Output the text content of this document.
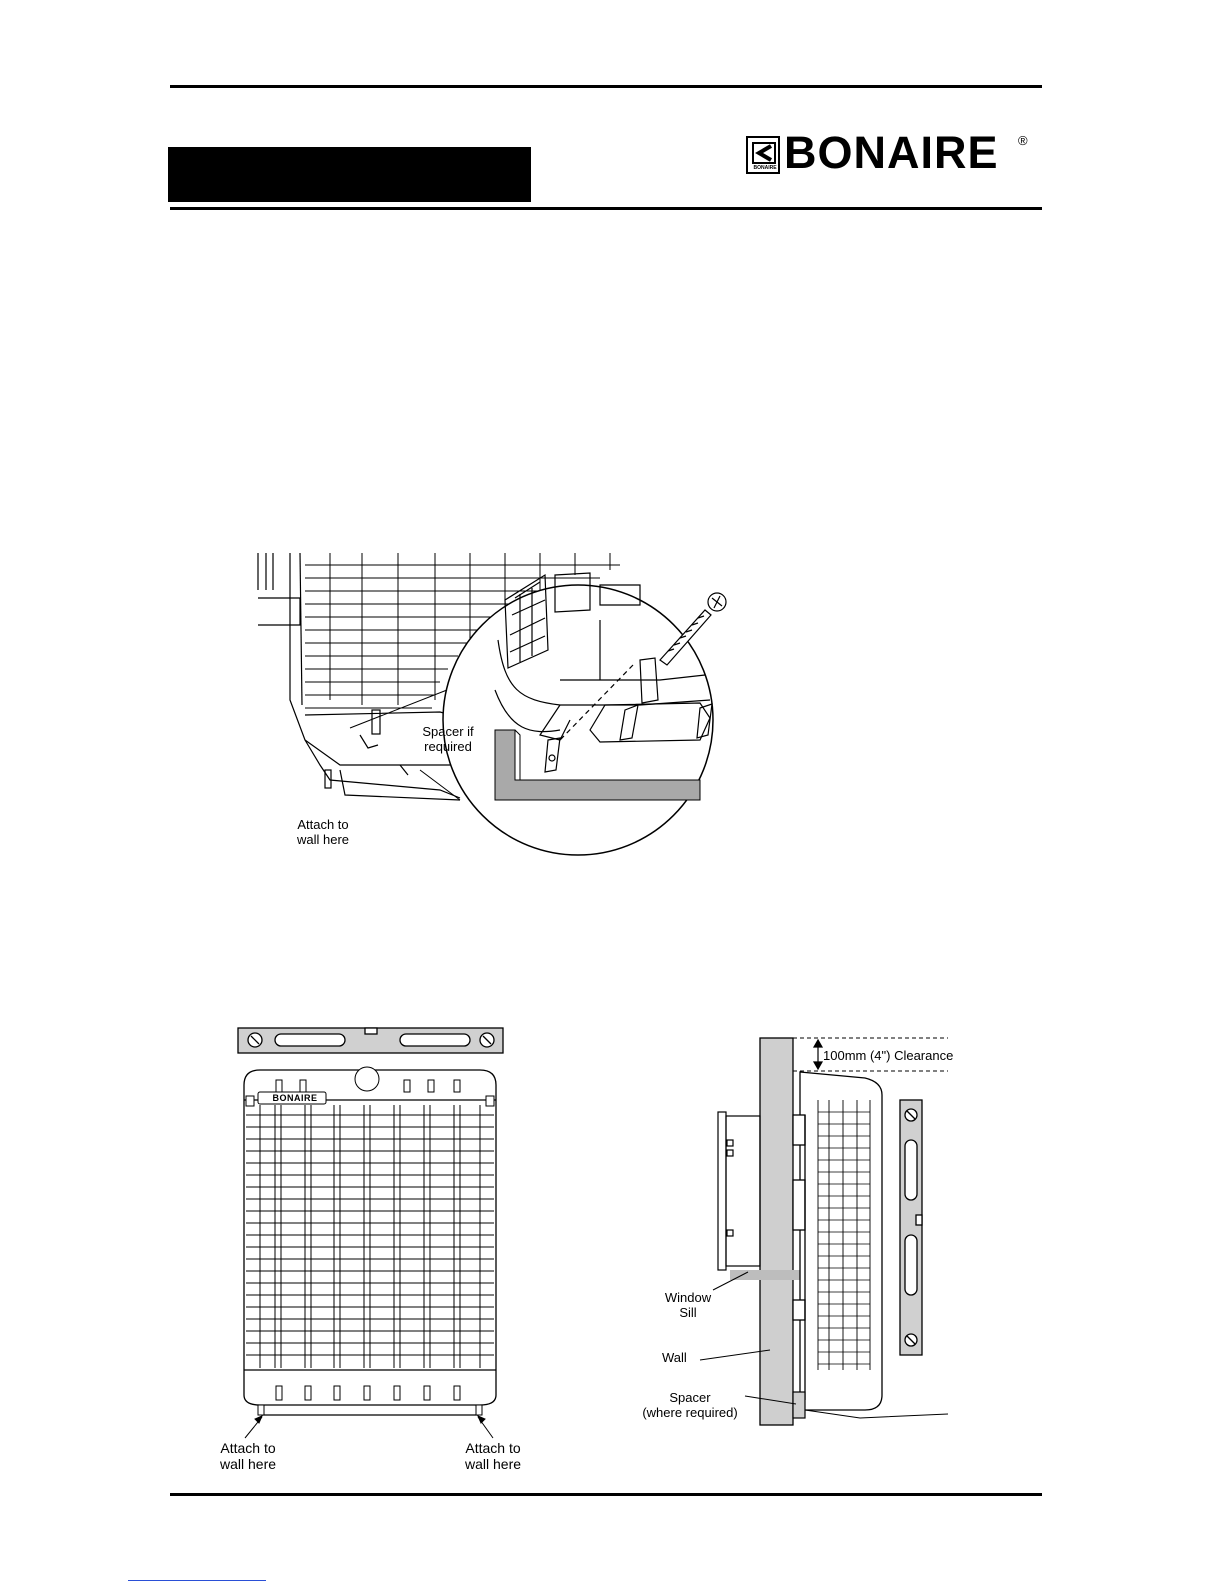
BONAIRE BONAIRE ®
Spacer if
required
Attach to
wall here
BONAIRE
Attach to
wall here
Attach to
wall here
100mm (4") Clearance
Window
Sill
Wall
Spacer
(where required)
